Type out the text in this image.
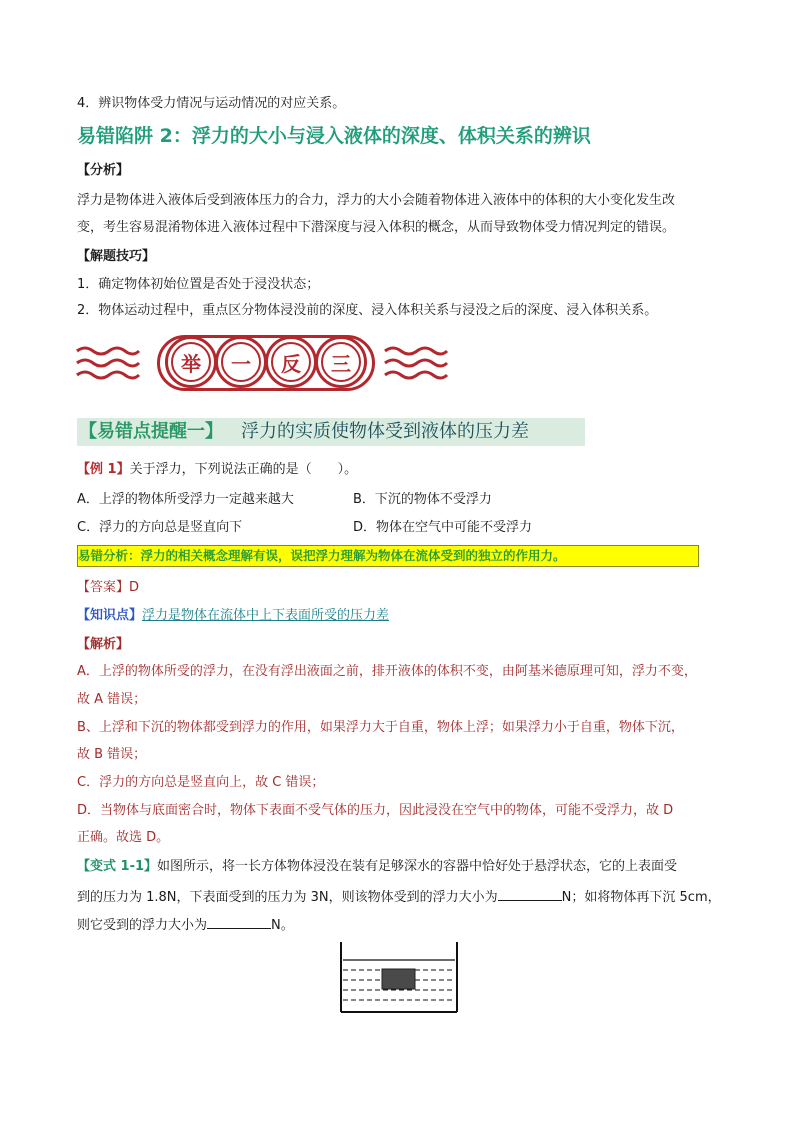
4．辨识物体受力情况与运动情况的对应关系。
易错陷阱 2：浮力的大小与浸入液体的深度、体积关系的辨识
【分析】
浮力是物体进入液体后受到液体压力的合力，浮力的大小会随着物体进入液体中的体积的大小变化发生改
变，考生容易混淆物体进入液体过程中下潜深度与浸入体积的概念，从而导致物体受力情况判定的错误。
【解题技巧】
1．确定物体初始位置是否处于浸没状态；
2．物体运动过程中，重点区分物体浸没前的深度、浸入体积关系与浸没之后的深度、浸入体积关系。
举	一	反	三
【易错点提醒一】 浮力的实质使物体受到液体的压力差
【例 1】关于浮力，下列说法正确的是（　　）。
A．上浮的物体所受浮力一定越来越大	B．下沉的物体不受浮力
C．浮力的方向总是竖直向下	D．物体在空气中可能不受浮力
易错分析：浮力的相关概念理解有误，误把浮力理解为物体在流体受到的独立的作用力。
【答案】D
【知识点】浮力是物体在流体中上下表面所受的压力差
【解析】
A．上浮的物体所受的浮力，在没有浮出液面之前，排开液体的体积不变，由阿基米德原理可知，浮力不变，
故 A 错误；
B、上浮和下沉的物体都受到浮力的作用，如果浮力大于自重，物体上浮；如果浮力小于自重，物体下沉，
故 B 错误；
C．浮力的方向总是竖直向上，故 C 错误；
D．当物体与底面密合时，物体下表面不受气体的压力，因此浸没在空气中的物体，可能不受浮力，故 D
正确。故选 D。
【变式 1-1】如图所示，将一长方体物体浸没在装有足够深水的容器中恰好处于悬浮状态，它的上表面受
到的压力为 1.8N，下表面受到的压力为 3N，则该物体受到的浮力大小为	N；如将物体再下沉 5cm，
则它受到的浮力大小为	N。
